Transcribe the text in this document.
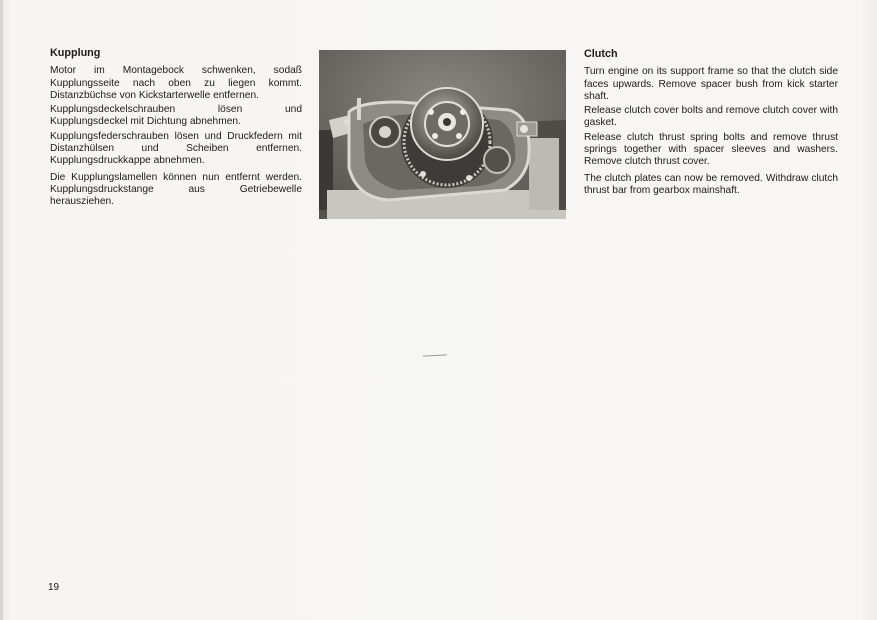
Kupplung

Motor im Montagebock schwenken, sodaß Kupplungsseite nach oben zu liegen kommt. Distanzbüchse von Kickstarterwelle entfernen.

Kupplungsdeckelschrauben lösen und Kupplungsdeckel mit Dichtung abnehmen.

Kupplungsfederschrauben lösen und Druckfedern mit Distanzhülsen und Scheiben entfernen. Kupplungsdruckkappe abnehmen.

Die Kupplungslamellen können nun entfernt werden. Kupplungsdruckstange aus Getriebewelle herausziehen.

Clutch

Turn engine on its support frame so that the clutch side faces upwards. Remove spacer bush from kick starter shaft.

Release clutch cover bolts and remove clutch cover with gasket.

Release clutch thrust spring bolts and remove thrust springs together with spacer sleeves and washers. Remove clutch thrust cover.

The clutch plates can now be removed. Withdraw clutch thrust bar from gearbox mainshaft.

19
